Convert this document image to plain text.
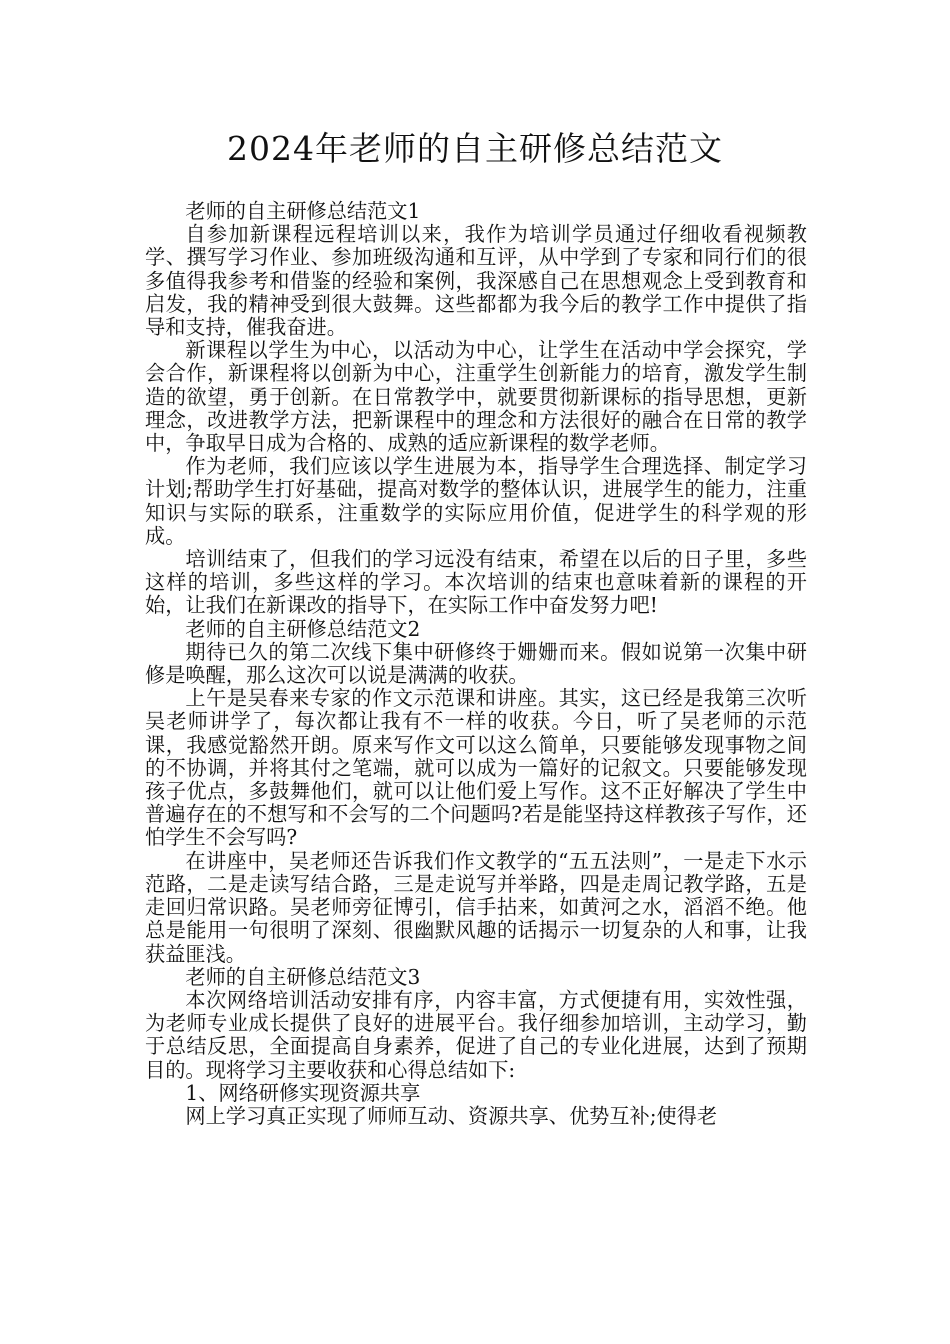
2024年老师的自主研修总结范文

老师的自主研修总结范文1

自参加新课程远程培训以来，我作为培训学员通过仔细收看视频教学、撰写学习作业、参加班级沟通和互评，从中学到了专家和同行们的很多值得我参考和借鉴的经验和案例，我深感自己在思想观念上受到教育和启发，我的精神受到很大鼓舞。这些都都为我今后的教学工作中提供了指导和支持，催我奋进。

新课程以学生为中心，以活动为中心，让学生在活动中学会探究，学会合作，新课程将以创新为中心，注重学生创新能力的培育，激发学生制造的欲望，勇于创新。在日常教学中，就要贯彻新课标的指导思想，更新理念，改进教学方法，把新课程中的理念和方法很好的融合在日常的教学中，争取早日成为合格的、成熟的适应新课程的数学老师。

作为老师，我们应该以学生进展为本，指导学生合理选择、制定学习计划;帮助学生打好基础，提高对数学的整体认识，进展学生的能力，注重知识与实际的联系，注重数学的实际应用价值，促进学生的科学观的形成。

培训结束了，但我们的学习远没有结束，希望在以后的日子里，多些这样的培训，多些这样的学习。本次培训的结束也意味着新的课程的开始，让我们在新课改的指导下，在实际工作中奋发努力吧!

老师的自主研修总结范文2

期待已久的第二次线下集中研修终于姗姗而来。假如说第一次集中研修是唤醒，那么这次可以说是满满的收获。

上午是吴春来专家的作文示范课和讲座。其实，这已经是我第三次听吴老师讲学了，每次都让我有不一样的收获。今日，听了吴老师的示范课，我感觉豁然开朗。原来写作文可以这么简单，只要能够发现事物之间的不协调，并将其付之笔端，就可以成为一篇好的记叙文。只要能够发现孩子优点，多鼓舞他们，就可以让他们爱上写作。这不正好解决了学生中普遍存在的不想写和不会写的二个问题吗?若是能坚持这样教孩子写作，还怕学生不会写吗?

在讲座中，吴老师还告诉我们作文教学的“五五法则”，一是走下水示范路，二是走读写结合路，三是走说写并举路，四是走周记教学路，五是走回归常识路。吴老师旁征博引，信手拈来，如黄河之水，滔滔不绝。他总是能用一句很明了深刻、很幽默风趣的话揭示一切复杂的人和事，让我获益匪浅。

老师的自主研修总结范文3

本次网络培训活动安排有序，内容丰富，方式便捷有用，实效性强，为老师专业成长提供了良好的进展平台。我仔细参加培训，主动学习，勤于总结反思，全面提高自身素养，促进了自己的专业化进展，达到了预期目的。现将学习主要收获和心得总结如下:

1、网络研修实现资源共享

网上学习真正实现了师师互动、资源共享、优势互补;使得老
